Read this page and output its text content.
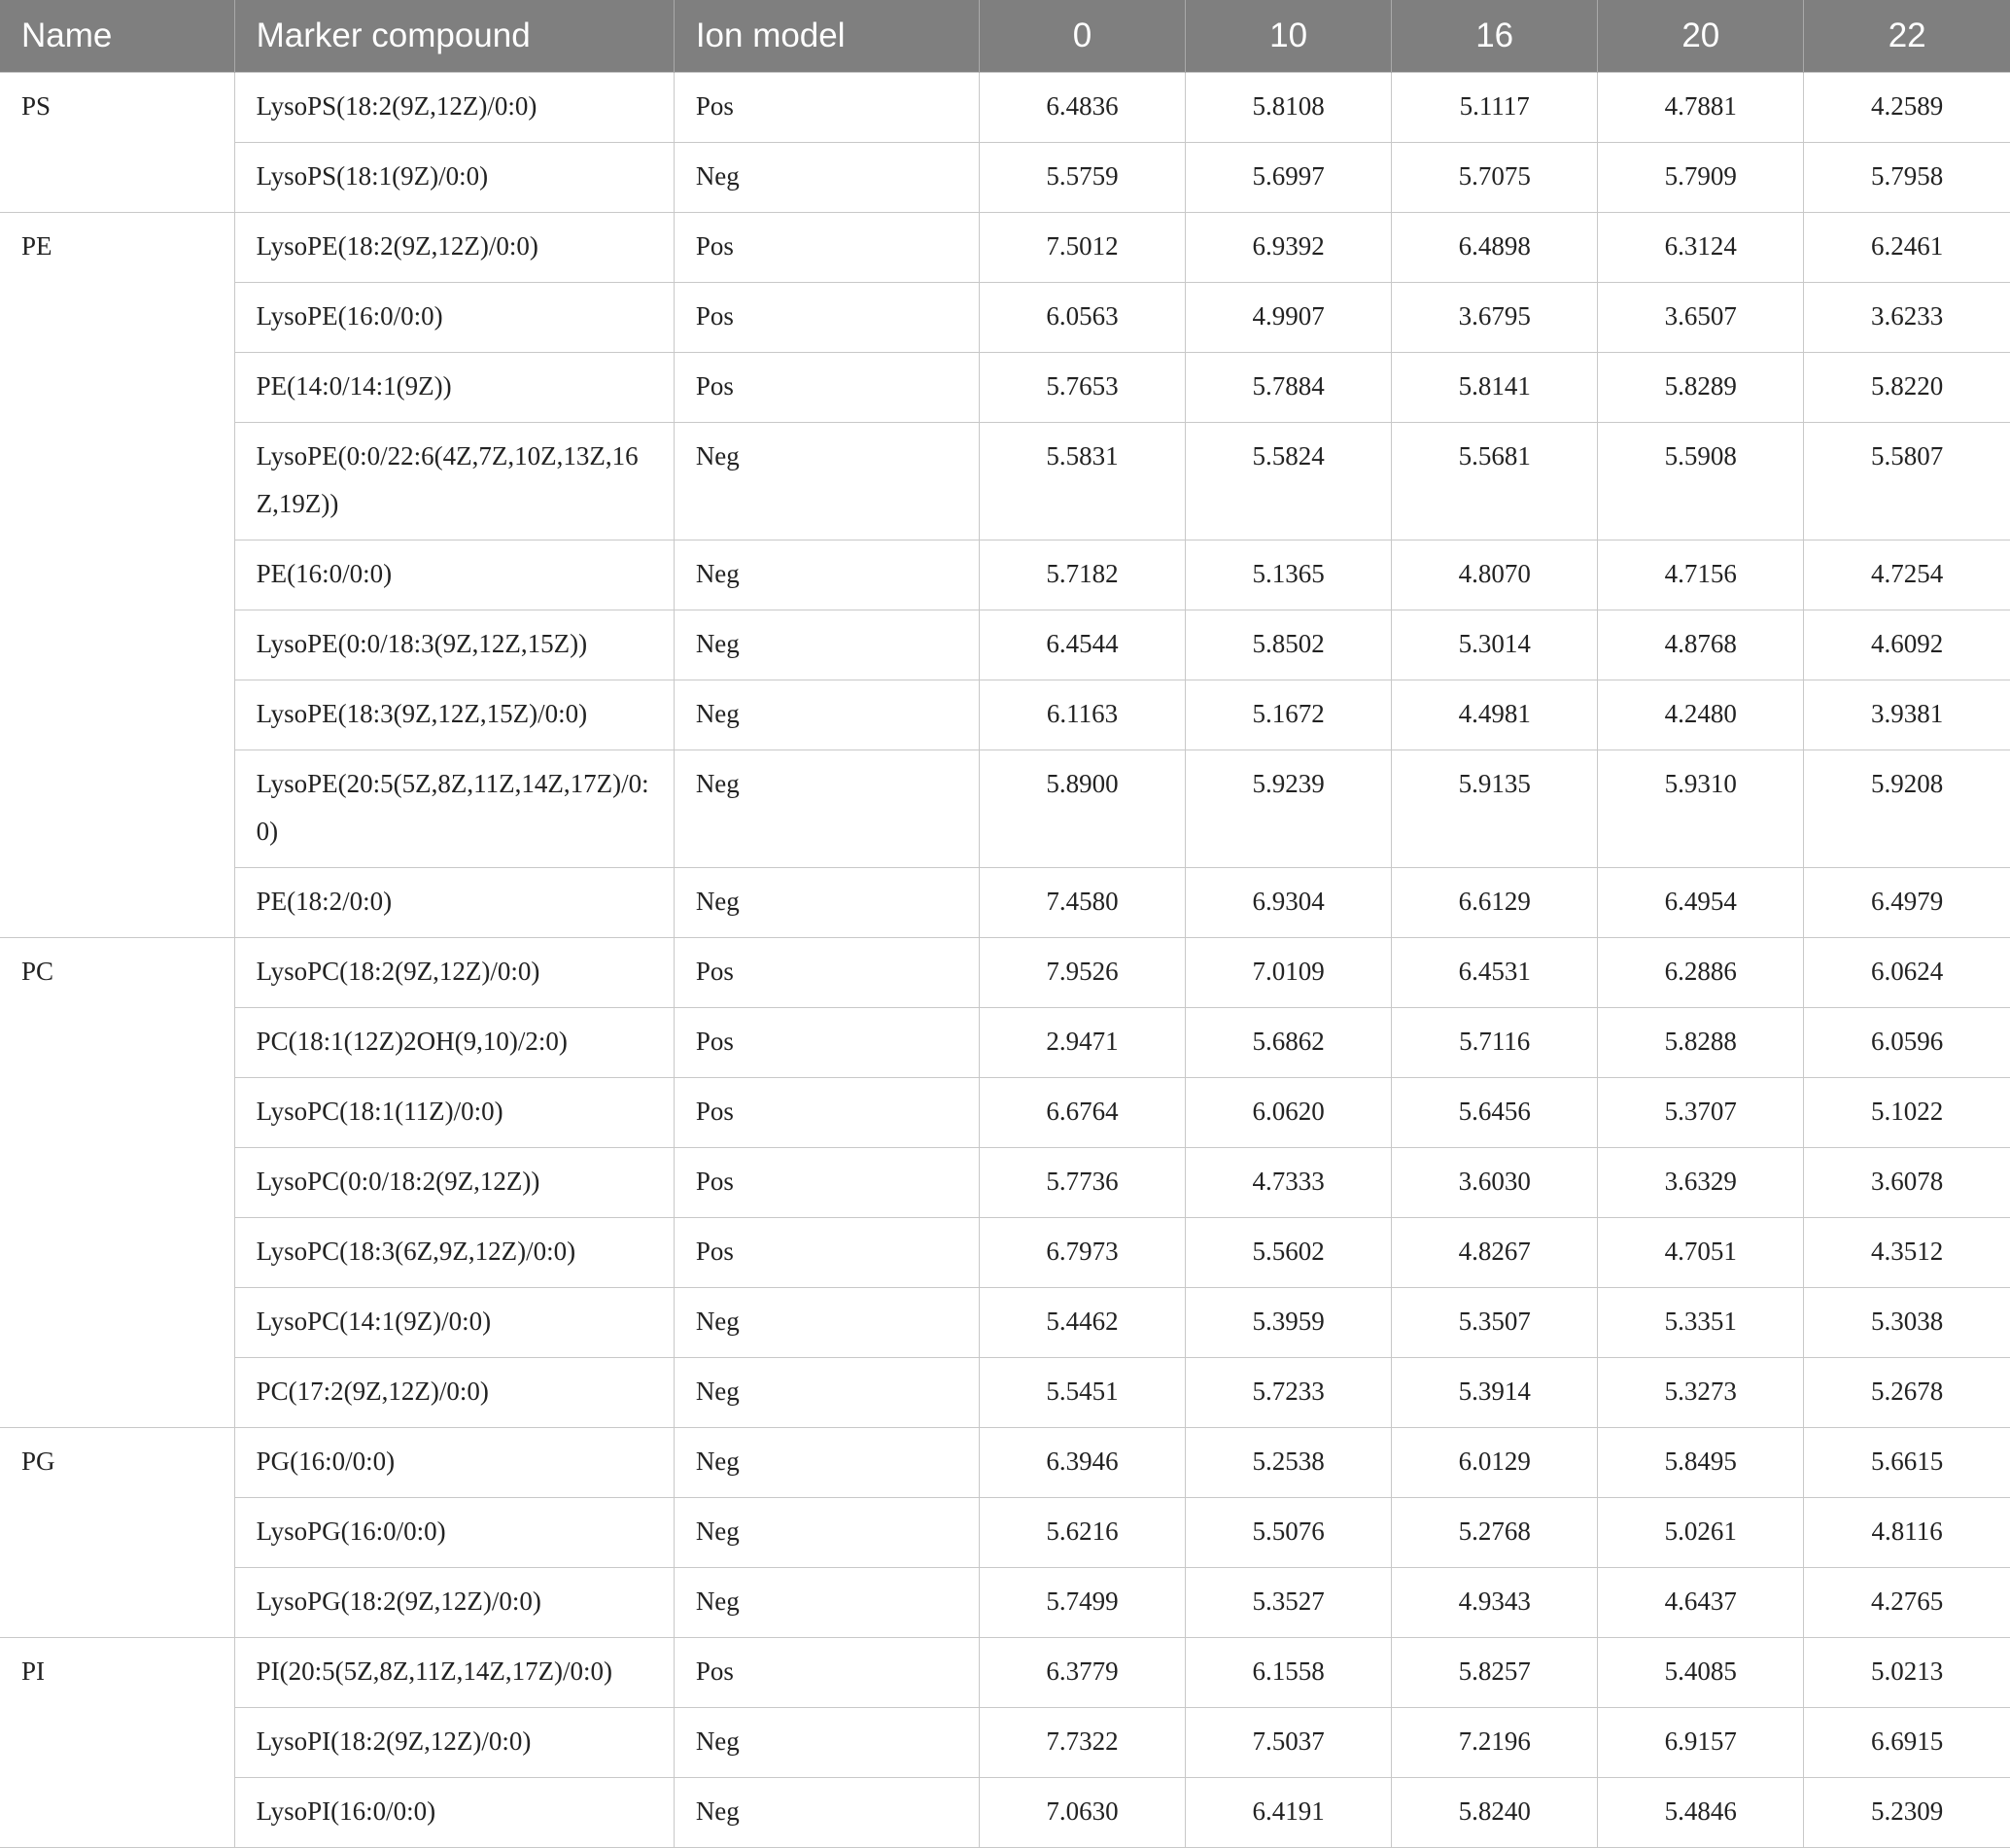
Name	Marker compound	Ion model	0	10	16	20	22
PS	LysoPS(18:2(9Z,12Z)/0:0)	Pos	6.4836	5.8108	5.1117	4.7881	4.2589
	LysoPS(18:1(9Z)/0:0)	Neg	5.5759	5.6997	5.7075	5.7909	5.7958
PE	LysoPE(18:2(9Z,12Z)/0:0)	Pos	7.5012	6.9392	6.4898	6.3124	6.2461
	LysoPE(16:0/0:0)	Pos	6.0563	4.9907	3.6795	3.6507	3.6233
	PE(14:0/14:1(9Z))	Pos	5.7653	5.7884	5.8141	5.8289	5.8220
	LysoPE(0:0/22:6(4Z,7Z,10Z,13Z,16Z,19Z))	Neg	5.5831	5.5824	5.5681	5.5908	5.5807
	PE(16:0/0:0)	Neg	5.7182	5.1365	4.8070	4.7156	4.7254
	LysoPE(0:0/18:3(9Z,12Z,15Z))	Neg	6.4544	5.8502	5.3014	4.8768	4.6092
	LysoPE(18:3(9Z,12Z,15Z)/0:0)	Neg	6.1163	5.1672	4.4981	4.2480	3.9381
	LysoPE(20:5(5Z,8Z,11Z,14Z,17Z)/0:0)	Neg	5.8900	5.9239	5.9135	5.9310	5.9208
	PE(18:2/0:0)	Neg	7.4580	6.9304	6.6129	6.4954	6.4979
PC	LysoPC(18:2(9Z,12Z)/0:0)	Pos	7.9526	7.0109	6.4531	6.2886	6.0624
	PC(18:1(12Z)2OH(9,10)/2:0)	Pos	2.9471	5.6862	5.7116	5.8288	6.0596
	LysoPC(18:1(11Z)/0:0)	Pos	6.6764	6.0620	5.6456	5.3707	5.1022
	LysoPC(0:0/18:2(9Z,12Z))	Pos	5.7736	4.7333	3.6030	3.6329	3.6078
	LysoPC(18:3(6Z,9Z,12Z)/0:0)	Pos	6.7973	5.5602	4.8267	4.7051	4.3512
	LysoPC(14:1(9Z)/0:0)	Neg	5.4462	5.3959	5.3507	5.3351	5.3038
	PC(17:2(9Z,12Z)/0:0)	Neg	5.5451	5.7233	5.3914	5.3273	5.2678
PG	PG(16:0/0:0)	Neg	6.3946	5.2538	6.0129	5.8495	5.6615
	LysoPG(16:0/0:0)	Neg	5.6216	5.5076	5.2768	5.0261	4.8116
	LysoPG(18:2(9Z,12Z)/0:0)	Neg	5.7499	5.3527	4.9343	4.6437	4.2765
PI	PI(20:5(5Z,8Z,11Z,14Z,17Z)/0:0)	Pos	6.3779	6.1558	5.8257	5.4085	5.0213
	LysoPI(18:2(9Z,12Z)/0:0)	Neg	7.7322	7.5037	7.2196	6.9157	6.6915
	LysoPI(16:0/0:0)	Neg	7.0630	6.4191	5.8240	5.4846	5.2309
